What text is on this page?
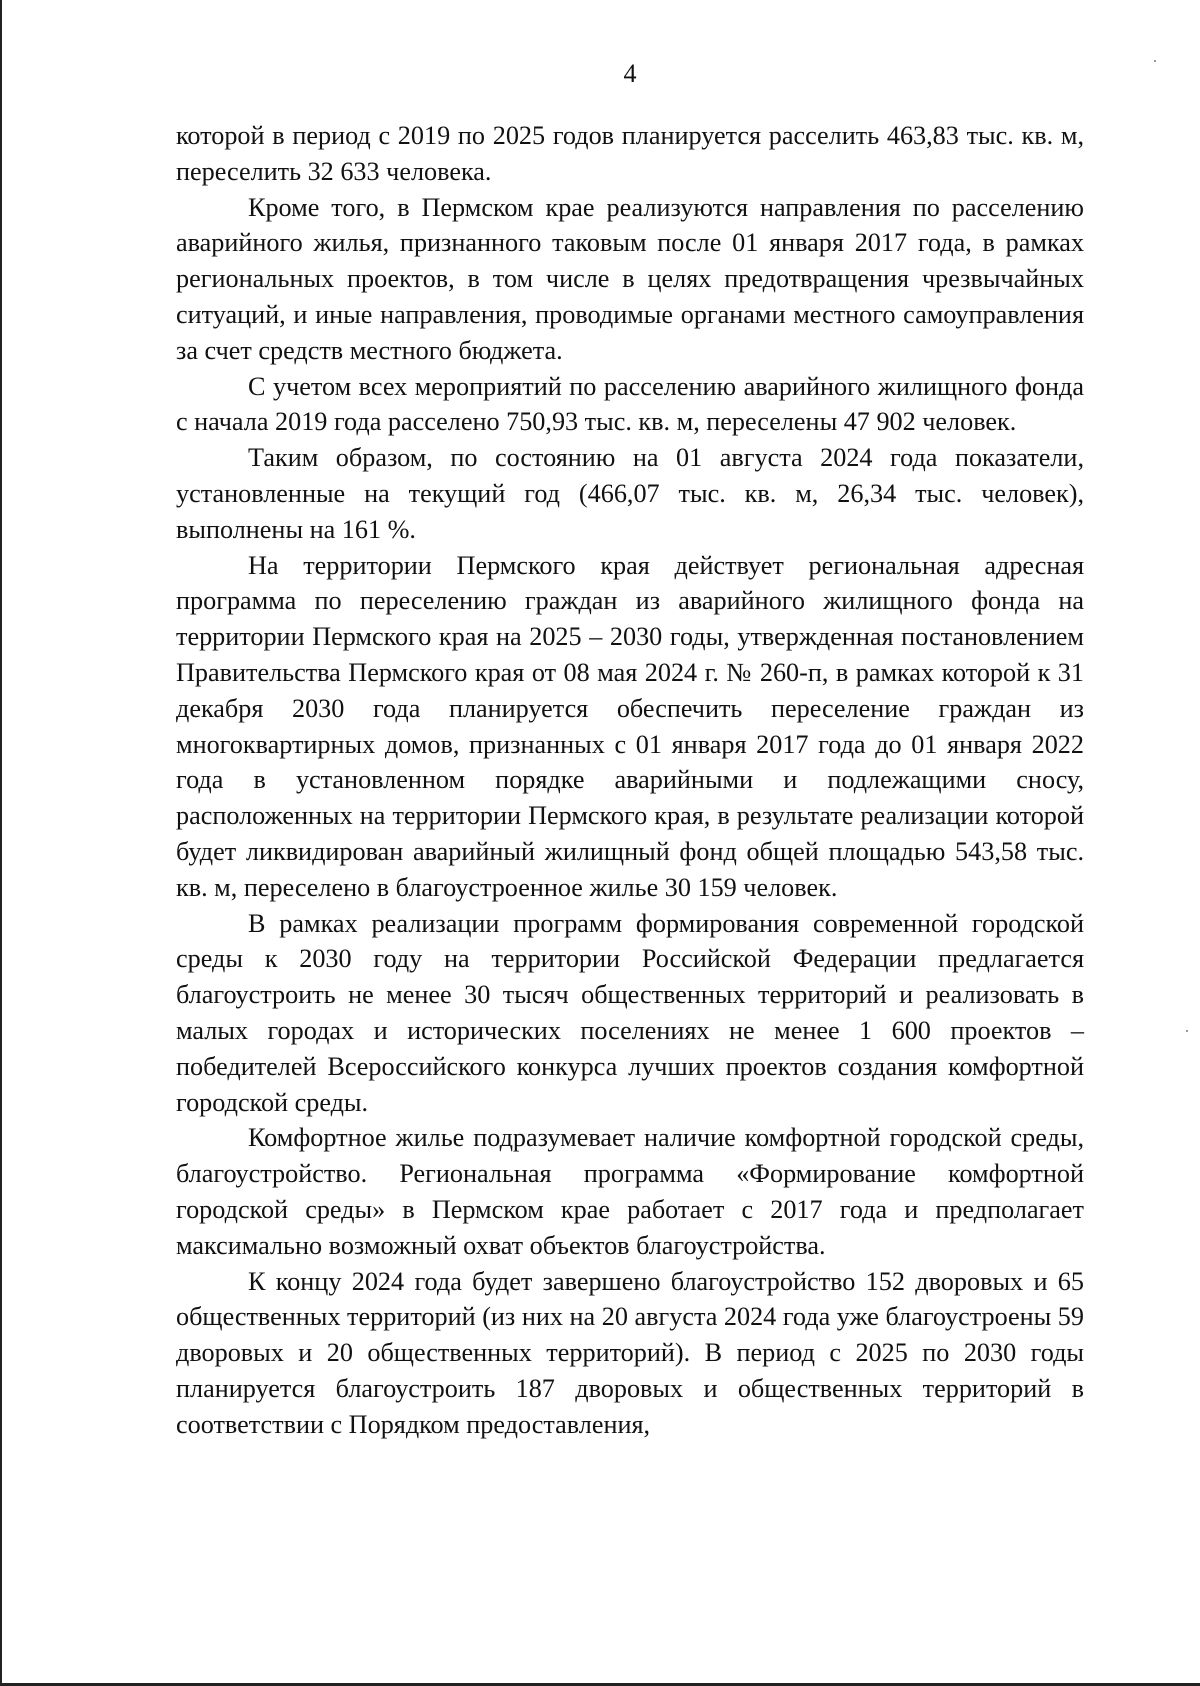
4

которой в период с 2019 по 2025 годов планируется расселить 463,83 тыс. кв. м, переселить 32 633 человека.

Кроме того, в Пермском крае реализуются направления по расселению аварийного жилья, признанного таковым после 01 января 2017 года, в рамках региональных проектов, в том числе в целях предотвращения чрезвычайных ситуаций, и иные направления, проводимые органами местного самоуправления за счет средств местного бюджета.

С учетом всех мероприятий по расселению аварийного жилищного фонда с начала 2019 года расселено 750,93 тыс. кв. м, переселены 47 902 человек.

Таким образом, по состоянию на 01 августа 2024 года показатели, установленные на текущий год (466,07 тыс. кв. м, 26,34 тыс. человек), выполнены на 161 %.

На территории Пермского края действует региональная адресная программа по переселению граждан из аварийного жилищного фонда на территории Пермского края на 2025 – 2030 годы, утвержденная постановлением Правительства Пермского края от 08 мая 2024 г. № 260-п, в рамках которой к 31 декабря 2030 года планируется обеспечить переселение граждан из многоквартирных домов, признанных с 01 января 2017 года до 01 января 2022 года в установленном порядке аварийными и подлежащими сносу, расположенных на территории Пермского края, в результате реализации которой будет ликвидирован аварийный жилищный фонд общей площадью 543,58 тыс. кв. м, переселено в благоустроенное жилье 30 159 человек.

В рамках реализации программ формирования современной городской среды к 2030 году на территории Российской Федерации предлагается благоустроить не менее 30 тысяч общественных территорий и реализовать в малых городах и исторических поселениях не менее 1 600 проектов – победителей Всероссийского конкурса лучших проектов создания комфортной городской среды.

Комфортное жилье подразумевает наличие комфортной городской среды, благоустройство. Региональная программа «Формирование комфортной городской среды» в Пермском крае работает с 2017 года и предполагает максимально возможный охват объектов благоустройства.

К концу 2024 года будет завершено благоустройство 152 дворовых и 65 общественных территорий (из них на 20 августа 2024 года уже благоустроены 59 дворовых и 20 общественных территорий). В период с 2025 по 2030 годы планируется благоустроить 187 дворовых и общественных территорий в соответствии с Порядком предоставления,
